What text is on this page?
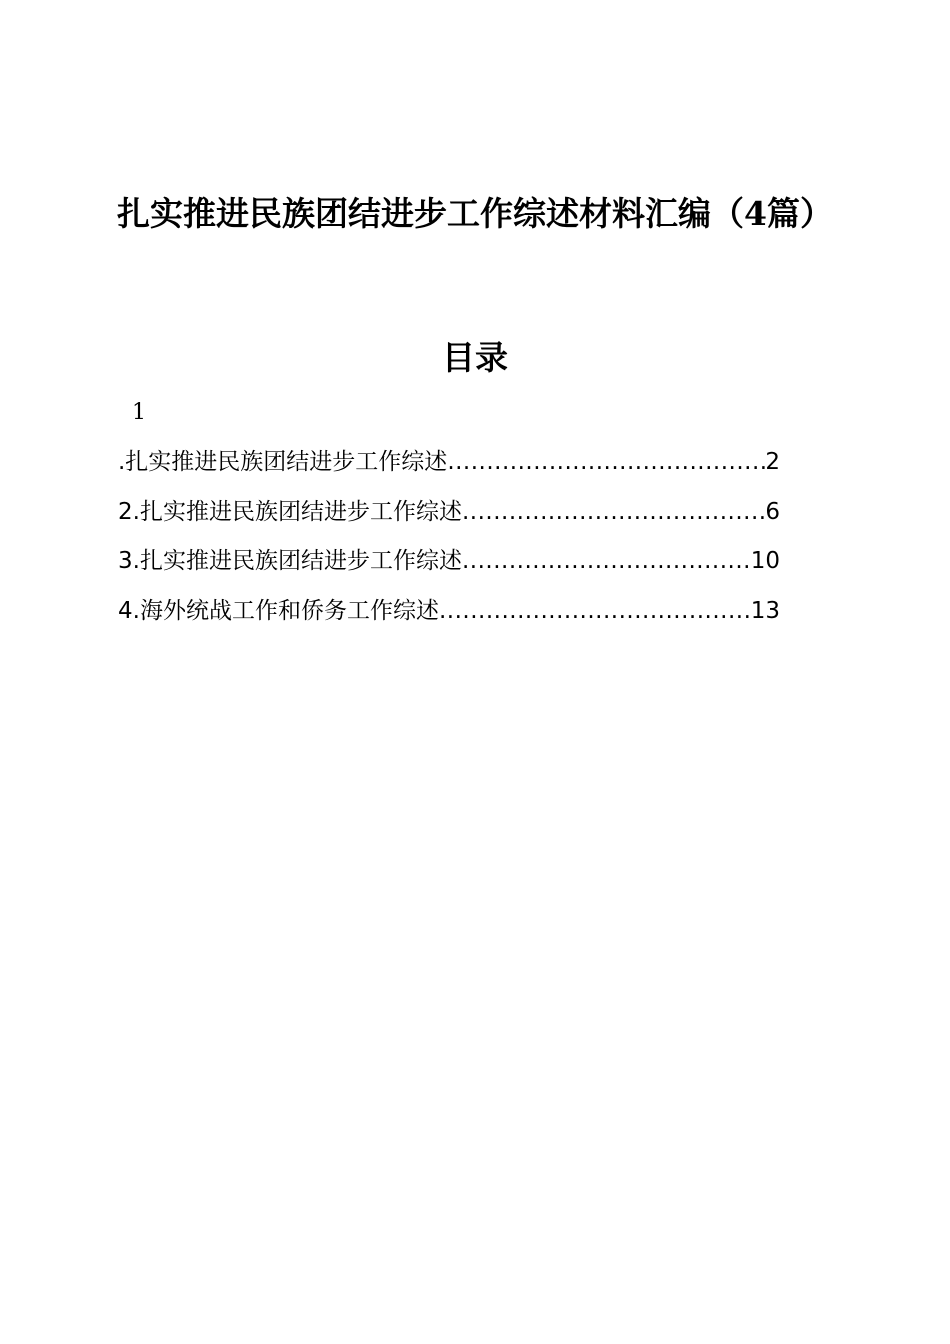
扎实推进民族团结进步工作综述材料汇编（4篇）
目录
1
.扎实推进民族团结进步工作综述 .....	2
2.扎实推进民族团结进步工作综述 .....	6
3.扎实推进民族团结进步工作综述 .....	10
4.海外统战工作和侨务工作综述 .....	13
